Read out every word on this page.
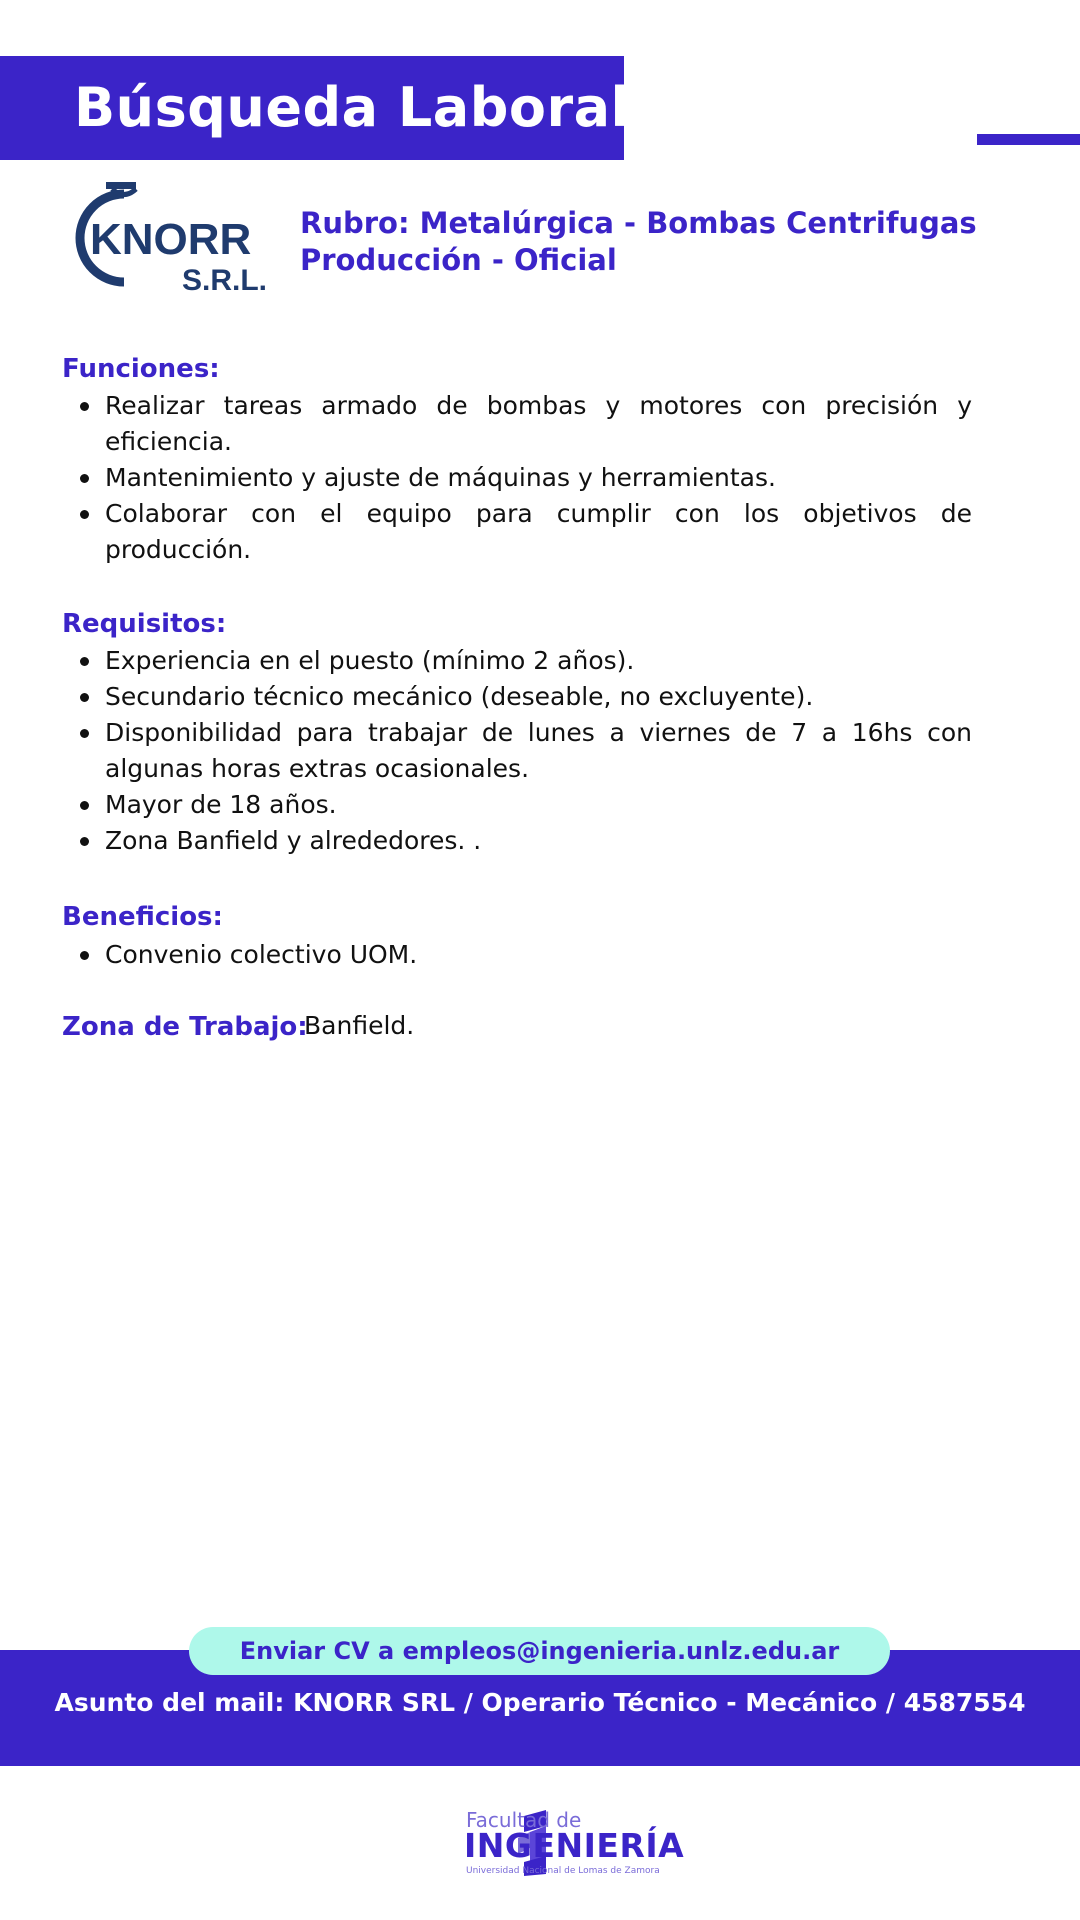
Búsqueda Laboral
KNORR
S.R.L.
Rubro: Metalúrgica - Bombas Centrifugas
Producción - Oficial
Funciones:
Realizar tareas armado de bombas y motores con precisión y eficiencia.
Mantenimiento y ajuste de máquinas y herramientas.
Colaborar con el equipo para cumplir con los objetivos de producción.
Requisitos:
Experiencia en el puesto (mínimo 2 años).
Secundario técnico mecánico (deseable, no excluyente).
Disponibilidad para trabajar de lunes a viernes de 7 a 16hs con algunas horas extras ocasionales.
Mayor de 18 años.
Zona Banfield y alrededores. .
Beneficios:
Convenio colectivo UOM.
Zona de Trabajo:
Banfield.
Enviar CV a empleos@ingenieria.unlz.edu.ar
Asunto del mail: KNORR SRL / Operario Técnico - Mecánico / 4587554
Facultad de
INGENIERÍA
Universidad Nacional de Lomas de Zamora
